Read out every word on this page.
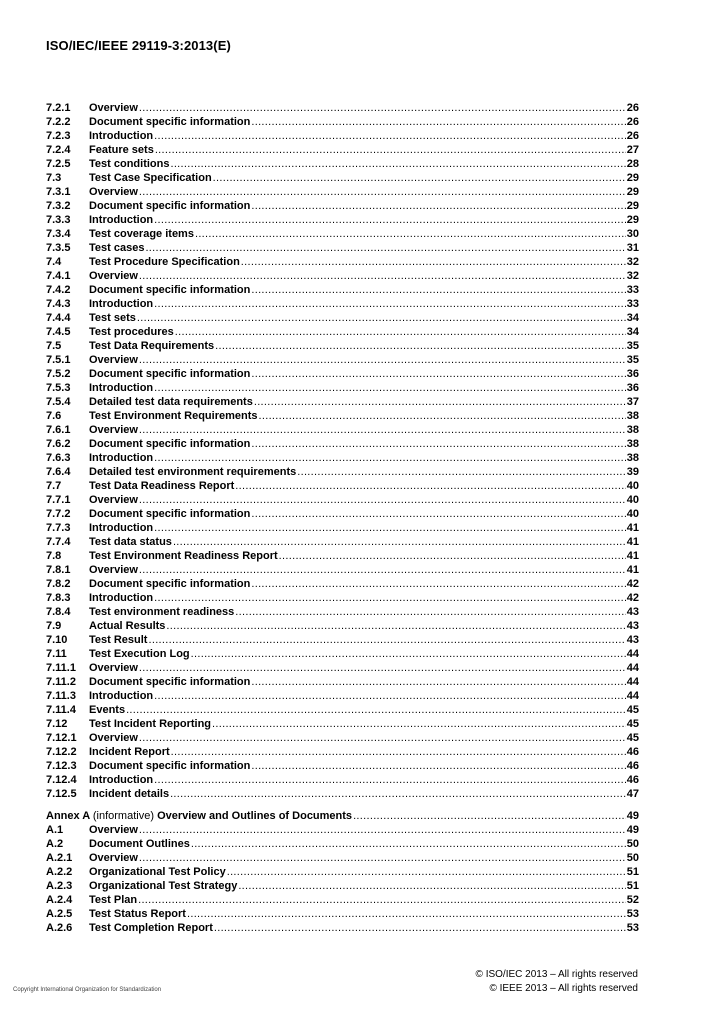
ISO/IEC/IEEE 29119-3:2013(E)
7.2.1	Overview .....	26
7.2.2	Document specific information .....	26
7.2.3	Introduction .....	26
7.2.4	Feature sets .....	27
7.2.5	Test conditions .....	28
7.3	Test Case Specification .....	29
7.3.1	Overview .....	29
7.3.2	Document specific information .....	29
7.3.3	Introduction .....	29
7.3.4	Test coverage items .....	30
7.3.5	Test cases .....	31
7.4	Test Procedure Specification .....	32
7.4.1	Overview .....	32
7.4.2	Document specific information .....	33
7.4.3	Introduction .....	33
7.4.4	Test sets .....	34
7.4.5	Test procedures .....	34
7.5	Test Data Requirements .....	35
7.5.1	Overview .....	35
7.5.2	Document specific information .....	36
7.5.3	Introduction .....	36
7.5.4	Detailed test data requirements .....	37
7.6	Test Environment Requirements .....	38
7.6.1	Overview .....	38
7.6.2	Document specific information .....	38
7.6.3	Introduction .....	38
7.6.4	Detailed test environment requirements .....	39
7.7	Test Data Readiness Report .....	40
7.7.1	Overview .....	40
7.7.2	Document specific information .....	40
7.7.3	Introduction .....	41
7.7.4	Test data status .....	41
7.8	Test Environment Readiness Report .....	41
7.8.1	Overview .....	41
7.8.2	Document specific information .....	42
7.8.3	Introduction .....	42
7.8.4	Test environment readiness .....	43
7.9	Actual Results .....	43
7.10	Test Result .....	43
7.11	Test Execution Log .....	44
7.11.1	Overview .....	44
7.11.2	Document specific information .....	44
7.11.3	Introduction .....	44
7.11.4	Events .....	45
7.12	Test Incident Reporting .....	45
7.12.1	Overview .....	45
7.12.2	Incident Report .....	46
7.12.3	Document specific information .....	46
7.12.4	Introduction .....	46
7.12.5	Incident details .....	47
Annex A (informative) Overview and Outlines of Documents .....	49
A.1	Overview .....	49
A.2	Document Outlines .....	50
A.2.1	Overview .....	50
A.2.2	Organizational Test Policy .....	51
A.2.3	Organizational Test Strategy .....	51
A.2.4	Test Plan .....	52
A.2.5	Test Status Report .....	53
A.2.6	Test Completion Report .....	53
© ISO/IEC 2013 – All rights reserved
© IEEE 2013 – All rights reserved
Copyright International Organization for Standardization
